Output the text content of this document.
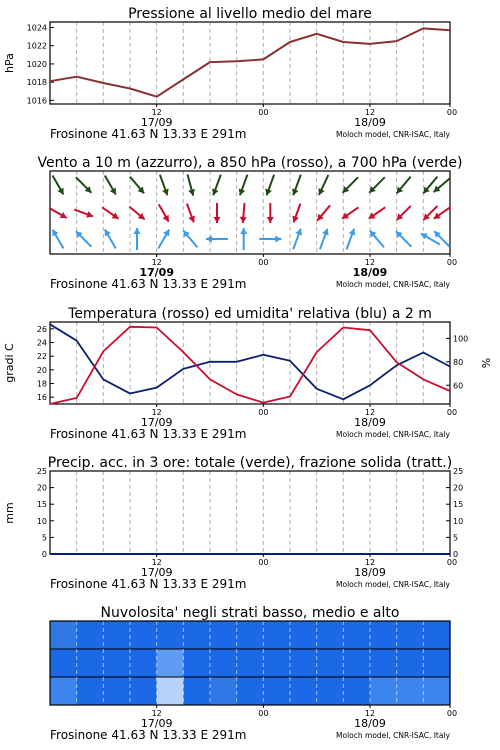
Pressione al livello medio del mare
1016
1018
1020
1022
1024
hPa
12	00	12	00
17/09	18/09
Frosinone 41.63 N 13.33 E 291m	Moloch model, CNR-ISAC, Italy
Vento a 10 m (azzurro), a 850 hPa (rosso), a 700 hPa (verde)
12	00	12	00
17/09	18/09
Frosinone 41.63 N 13.33 E 291m	Moloch model, CNR-ISAC, Italy
Temperatura (rosso) ed umidita' relativa (blu) a 2 m
16
18
20
22
24
26
60
80
100
gradi C	%
12	00	12	00
17/09	18/09
Frosinone 41.63 N 13.33 E 291m	Moloch model, CNR-ISAC, Italy
Precip. acc. in 3 ore: totale (verde), frazione solida (tratt.)
0
5
10
15
20
25
0
5
10
15
20
25
mm
12	00	12	00
17/09	18/09
Frosinone 41.63 N 13.33 E 291m	Moloch model, CNR-ISAC, Italy
Nuvolosita' negli strati basso, medio e alto
12	00	12	00
17/09	18/09
Frosinone 41.63 N 13.33 E 291m	Moloch model, CNR-ISAC, Italy
